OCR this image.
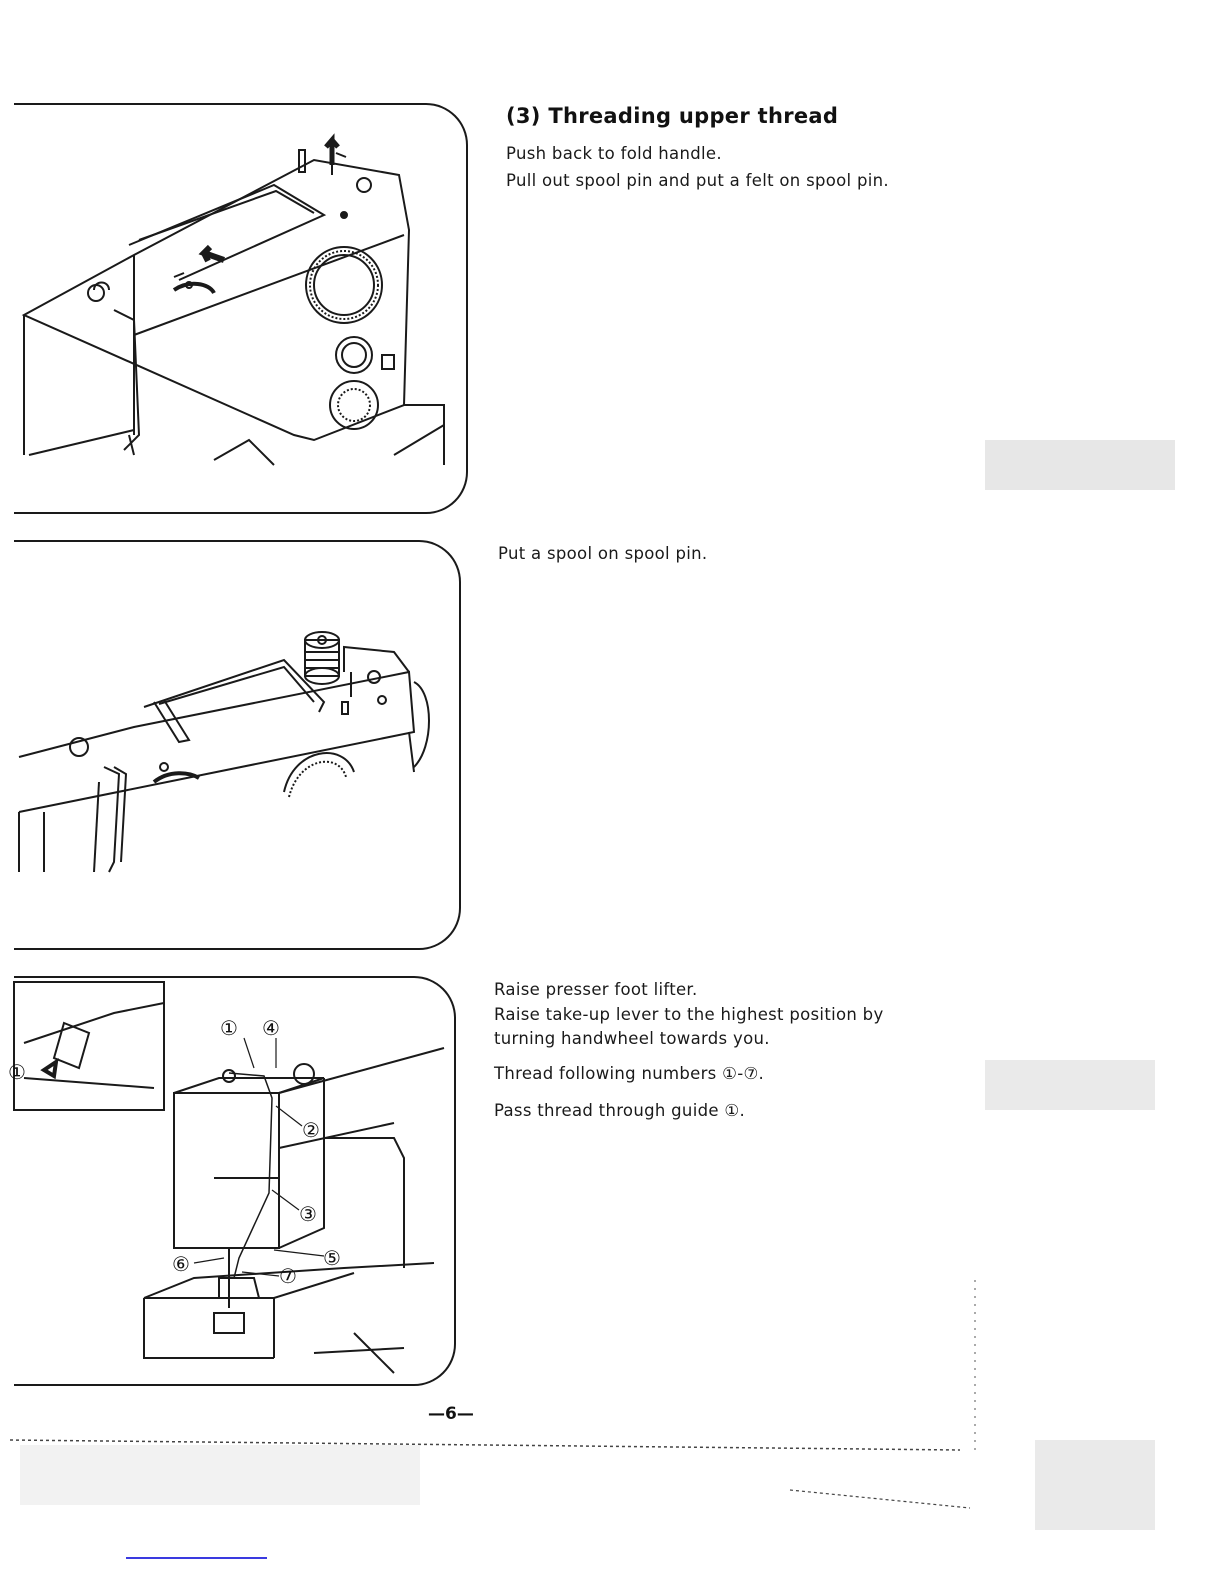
① ④
②
③
⑥	⑤
⑦
①
(3) Threading upper thread

Push back to fold handle.

Pull out spool pin and put a felt on spool pin.

Put a spool on spool pin.

Raise presser foot lifter.

Raise take-up lever to the highest position by

turning handwheel towards you.

Thread following numbers ①-⑦.

Pass thread through guide ①.

—6—
